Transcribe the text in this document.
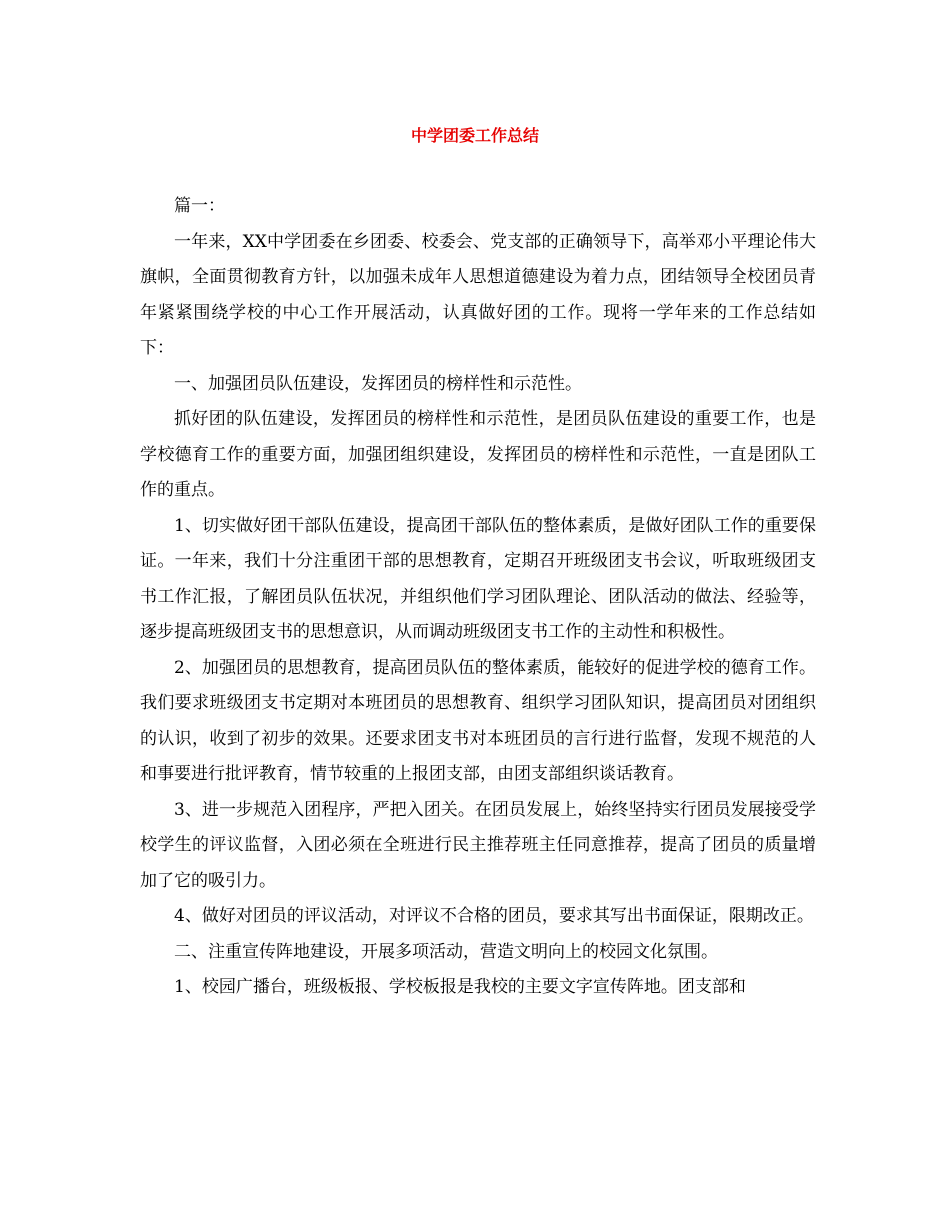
中学团委工作总结

篇一：

一年来，XX中学团委在乡团委、校委会、党支部的正确领导下，高举邓小平理论伟大旗帜，全面贯彻教育方针，以加强未成年人思想道德建设为着力点，团结领导全校团员青年紧紧围绕学校的中心工作开展活动，认真做好团的工作。现将一学年来的工作总结如下：

一、加强团员队伍建设，发挥团员的榜样性和示范性。

抓好团的队伍建设，发挥团员的榜样性和示范性，是团员队伍建设的重要工作，也是学校德育工作的重要方面，加强团组织建设，发挥团员的榜样性和示范性，一直是团队工作的重点。

1、切实做好团干部队伍建设，提高团干部队伍的整体素质，是做好团队工作的重要保证。一年来，我们十分注重团干部的思想教育，定期召开班级团支书会议，听取班级团支书工作汇报，了解团员队伍状况，并组织他们学习团队理论、团队活动的做法、经验等，逐步提高班级团支书的思想意识，从而调动班级团支书工作的主动性和积极性。

2、加强团员的思想教育，提高团员队伍的整体素质，能较好的促进学校的德育工作。我们要求班级团支书定期对本班团员的思想教育、组织学习团队知识，提高团员对团组织的认识，收到了初步的效果。还要求团支书对本班团员的言行进行监督，发现不规范的人和事要进行批评教育，情节较重的上报团支部，由团支部组织谈话教育。

3、进一步规范入团程序，严把入团关。在团员发展上，始终坚持实行团员发展接受学校学生的评议监督，入团必须在全班进行民主推荐班主任同意推荐，提高了团员的质量增加了它的吸引力。

4、做好对团员的评议活动，对评议不合格的团员，要求其写出书面保证，限期改正。

二、注重宣传阵地建设，开展多项活动，营造文明向上的校园文化氛围。

1、校园广播台，班级板报、学校板报是我校的主要文字宣传阵地。团支部和
